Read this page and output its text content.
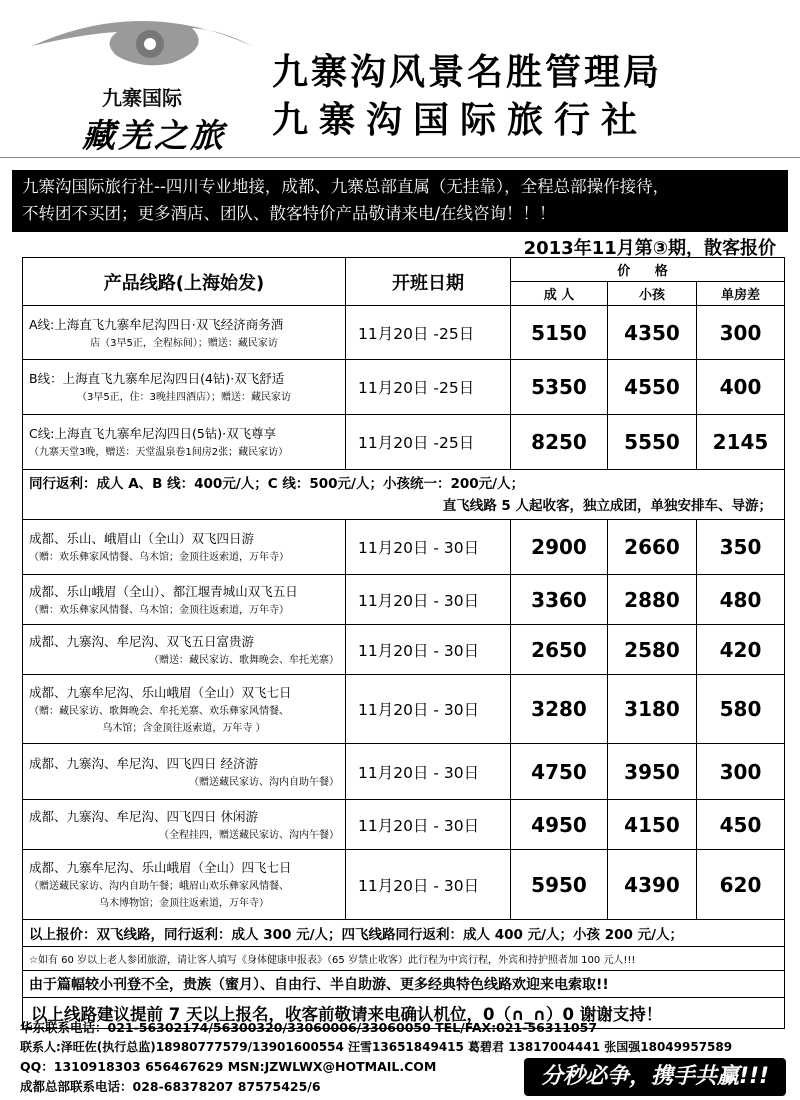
九寨国际
藏羌之旅
九寨沟风景名胜管理局
九寨沟国际旅行社
九寨沟国际旅行社--四川专业地接，成都、九寨总部直属（无挂靠），全程总部操作接待，
不转团不买团；更多酒店、团队、散客特价产品敬请来电/在线咨询！！！
2013年11月第③期，散客报价
产品线路(上海始发)	开班日期	价 格		
		成 人	小孩	单房差

A线:上海直飞九寨牟尼沟四日·双飞经济商务酒
店（3早5正，全程标间）；赠送：藏民家访	11月20日 -25日	5150	4350	300

B线：上海直飞九寨牟尼沟四日(4钻)·双飞舒适
（3早5正，住：3晚挂四酒店）；赠送：藏民家访	11月20日 -25日	5350	4550	400

C线:上海直飞九寨牟尼沟四日(5钻)·双飞尊享
（九寨天堂3晚，赠送：天堂温泉卷1间房2张；藏民家访）	11月20日 -25日	8250	5550	2145

同行返利：成人 A、B 线：400元/人；C 线：500元/人；小孩统一：200元/人；
直飞线路 5 人起收客，独立成团，单独安排车、导游；				

成都、乐山、峨眉山（全山）双飞四日游
（赠：欢乐彝家风情餐、乌木馆；金顶往返索道，万年寺）	11月20日 - 30日	2900	2660	350

成都、乐山峨眉（全山）、都江堰青城山双飞五日
（赠：欢乐彝家风情餐、乌木馆；金顶往返索道，万年寺）	11月20日 - 30日	3360	2880	480

成都、九寨沟、牟尼沟、双飞五日富贵游
（赠送：藏民家访、歌舞晚会、牟托羌寨）	11月20日 - 30日	2650	2580	420

成都、九寨牟尼沟、乐山峨眉（全山）双飞七日
（赠：藏民家访、歌舞晚会、牟托羌寨、欢乐彝家风情餐、
乌木馆；含金顶往返索道，万年寺 ）	11月20日 - 30日	3280	3180	580

成都、九寨沟、牟尼沟、四飞四日 经济游
（赠送藏民家访、沟内自助午餐）	11月20日 - 30日	4750	3950	300

成都、九寨沟、牟尼沟、四飞四日 休闲游
（全程挂四，赠送藏民家访、沟内午餐）	11月20日 - 30日	4950	4150	450

成都、九寨牟尼沟、乐山峨眉（全山）四飞七日
（赠送藏民家访、沟内自助午餐；峨眉山欢乐彝家风情餐、
乌木博物馆；金顶往返索道，万年寺）	11月20日 - 30日	5950	4390	620
以上报价：双飞线路，同行返利：成人 300 元/人；四飞线路同行返利：成人 400 元/人；小孩 200 元/人；				
☆如有 60 岁以上老人参团旅游，请让客人填写《身体健康申报表》（65 岁禁止收客）此行程为中宾行程，外宾和持护照者加 100 元人!!!				
由于篇幅较小刊登不全，贵族（蜜月）、自由行、半自助游、更多经典特色线路欢迎来电索取!!				
以上线路建议提前 7 天以上报名，收客前敬请来电确认机位，0（∩_∩）0 谢谢支持！				
华东联系电话：021-56302174/56300320/33060006/33060050 TEL/FAX:021-56311057
联系人:泽旺佐(执行总监)18980777579/13901600554 汪雪13651849415 葛碧君 13817004441 张国强18049957589
QQ：1310918303 656467629 MSN:JZWLWX@HOTMAIL.COM
成都总部联系电话：028-68378207 87575425/6	分秒必争，携手共赢!!!
